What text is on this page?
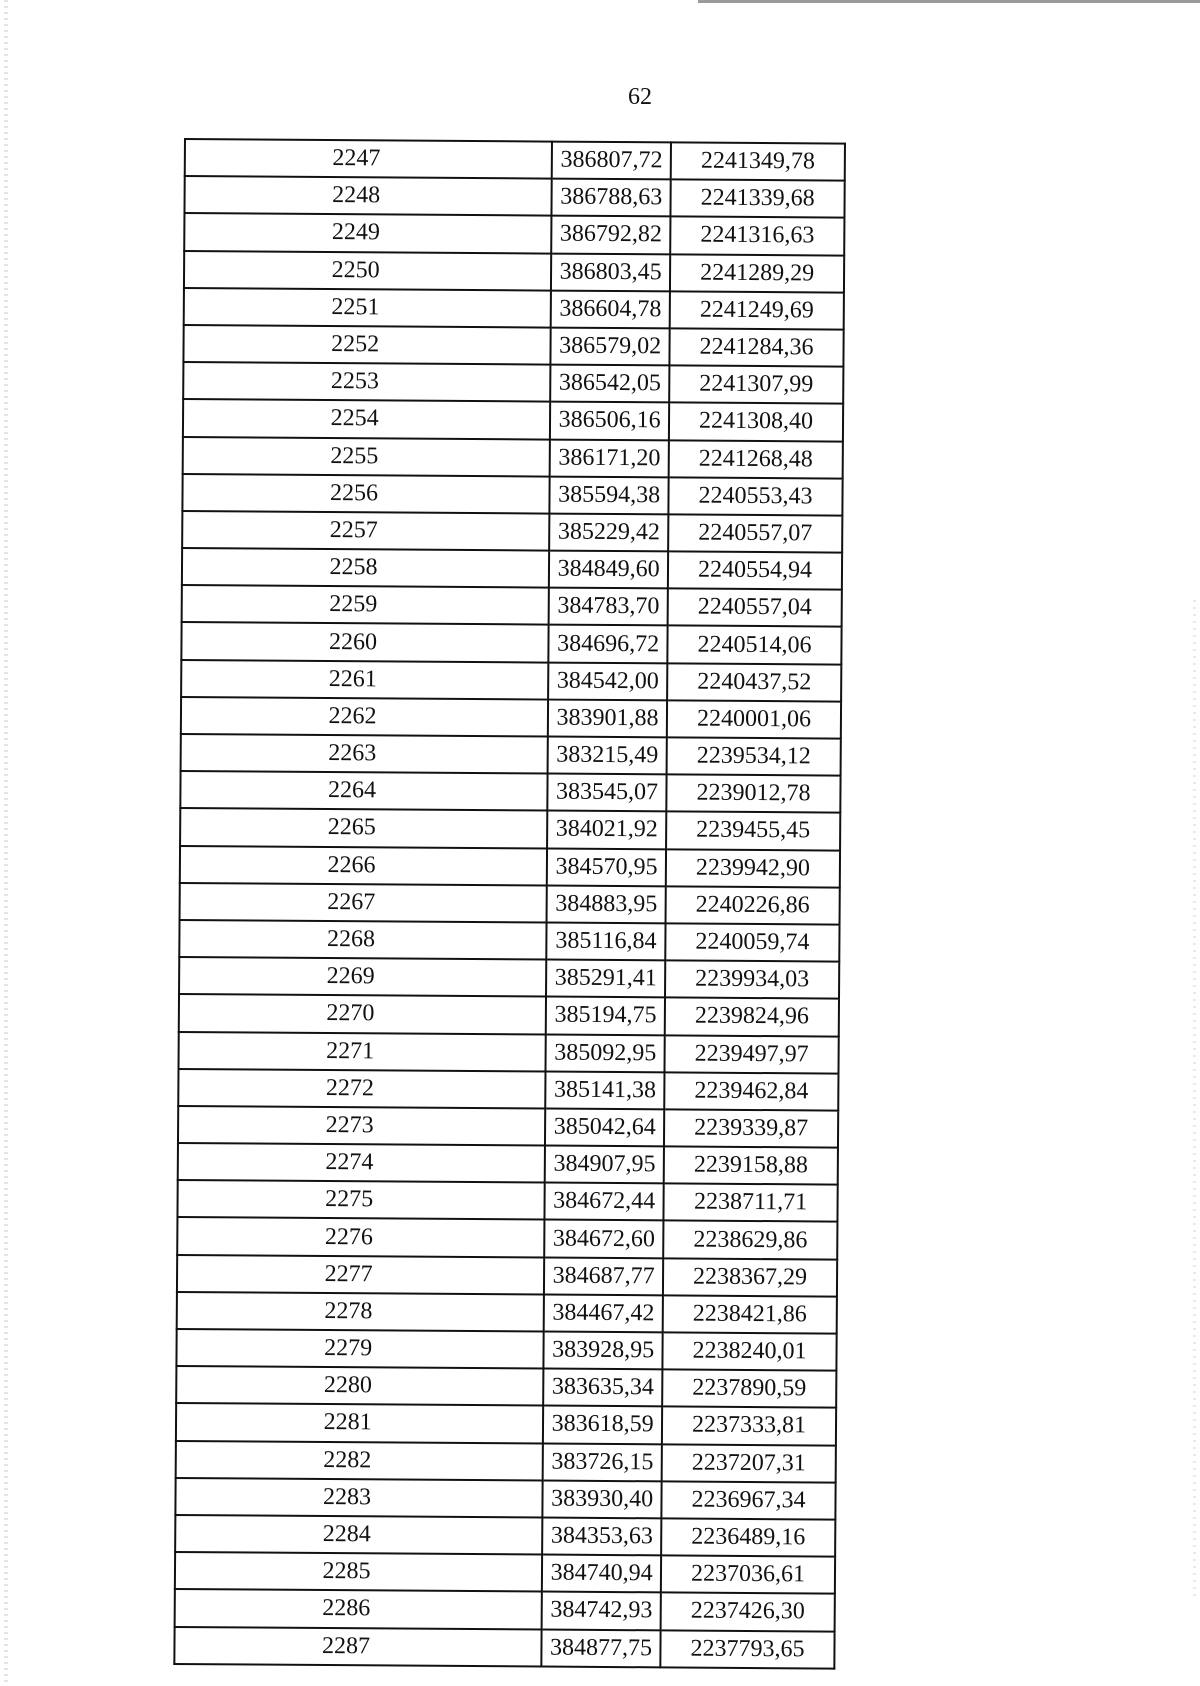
62
2247	386807,72	2241349,78
2248	386788,63	2241339,68
2249	386792,82	2241316,63
2250	386803,45	2241289,29
2251	386604,78	2241249,69
2252	386579,02	2241284,36
2253	386542,05	2241307,99
2254	386506,16	2241308,40
2255	386171,20	2241268,48
2256	385594,38	2240553,43
2257	385229,42	2240557,07
2258	384849,60	2240554,94
2259	384783,70	2240557,04
2260	384696,72	2240514,06
2261	384542,00	2240437,52
2262	383901,88	2240001,06
2263	383215,49	2239534,12
2264	383545,07	2239012,78
2265	384021,92	2239455,45
2266	384570,95	2239942,90
2267	384883,95	2240226,86
2268	385116,84	2240059,74
2269	385291,41	2239934,03
2270	385194,75	2239824,96
2271	385092,95	2239497,97
2272	385141,38	2239462,84
2273	385042,64	2239339,87
2274	384907,95	2239158,88
2275	384672,44	2238711,71
2276	384672,60	2238629,86
2277	384687,77	2238367,29
2278	384467,42	2238421,86
2279	383928,95	2238240,01
2280	383635,34	2237890,59
2281	383618,59	2237333,81
2282	383726,15	2237207,31
2283	383930,40	2236967,34
2284	384353,63	2236489,16
2285	384740,94	2237036,61
2286	384742,93	2237426,30
2287	384877,75	2237793,65
